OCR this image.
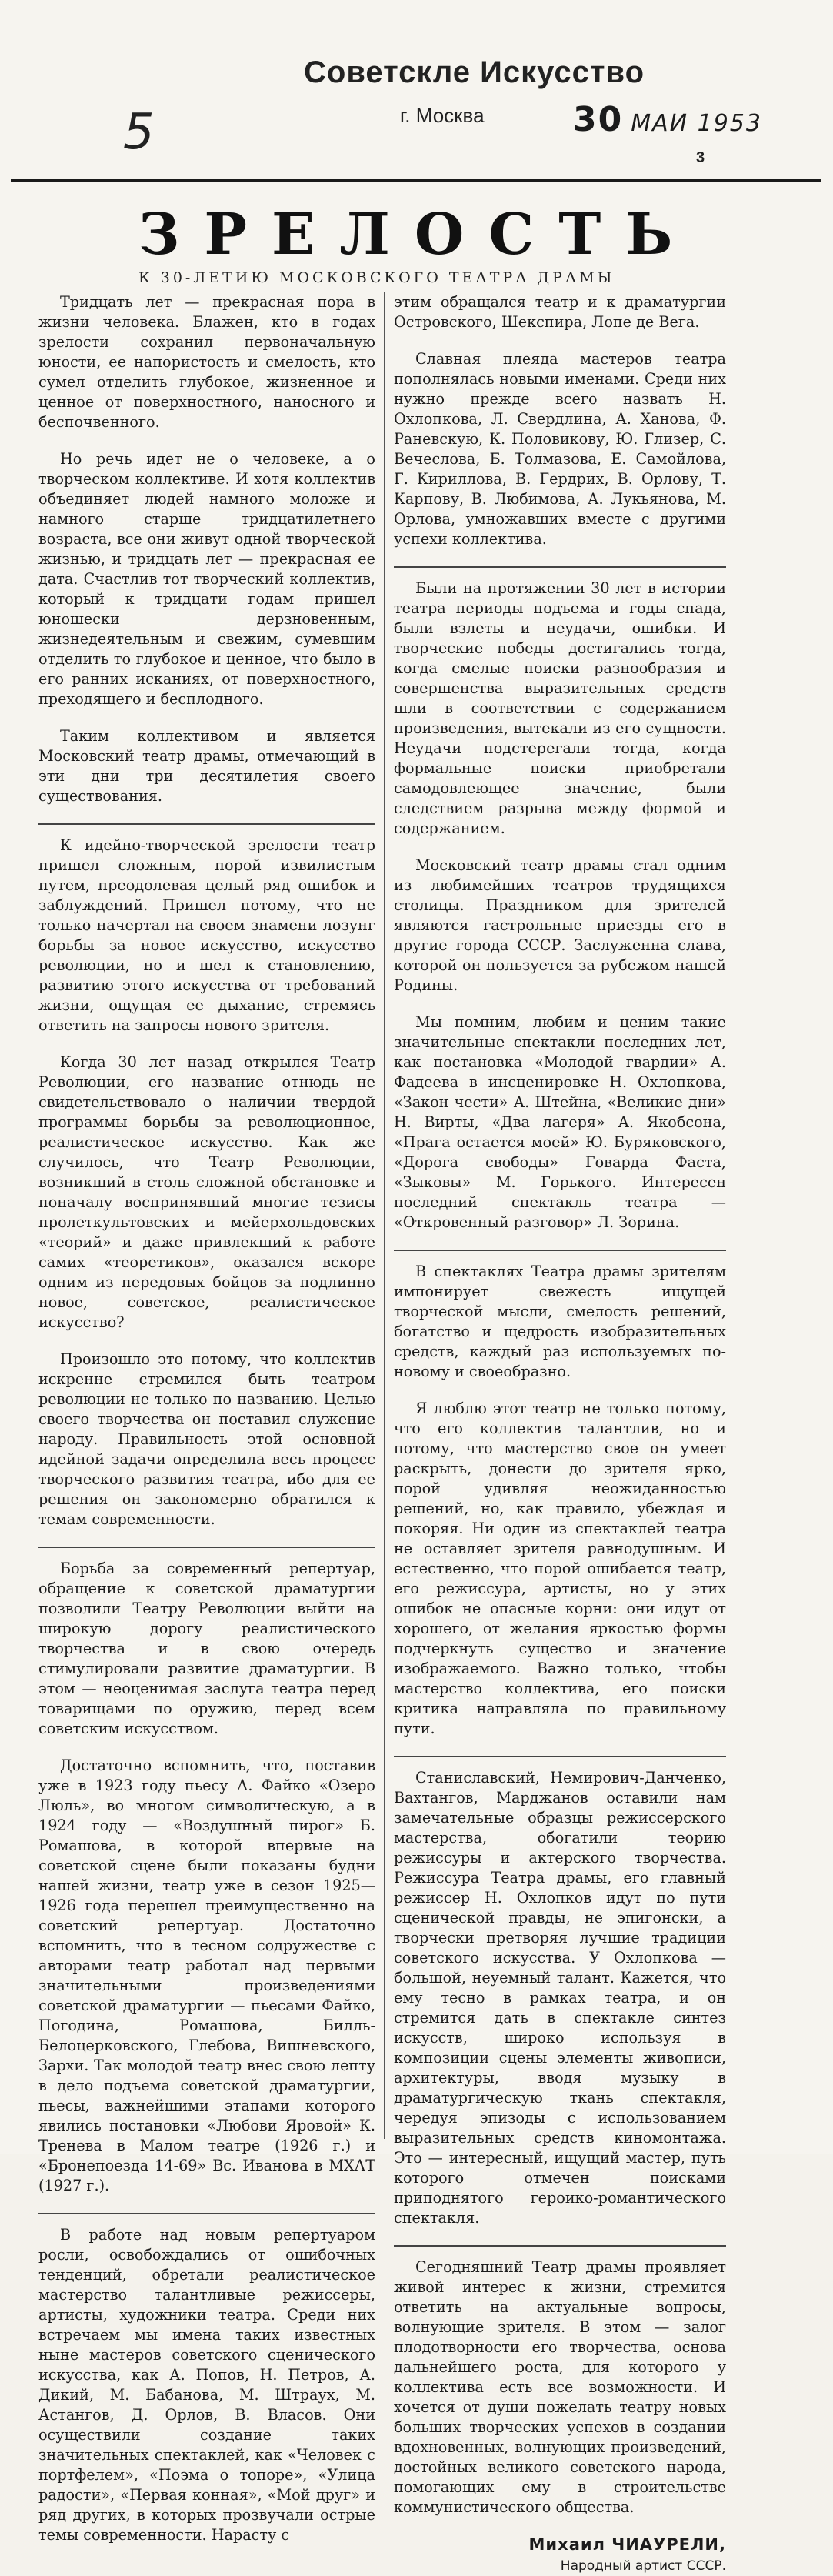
Советскле Искусство
г. Москва
5	30 МАИ 1953
3
ЗРЕЛОСТЬ
К 30-ЛЕТИЮ МОСКОВСКОГО ТЕАТРА ДРАМЫ

Тридцать лет — прекрасная пора в жизни человека. Блажен, кто в годах зрелости сохранил первоначальную юности, ее напористость и смелость, кто сумел отделить глубокое, жизненное и ценное от поверхностного, наносного и беспочвенного.

Но речь идет не о человеке, а о творческом коллективе. И хотя коллектив объединяет людей намного моложе и намного старше тридцатилетнего возраста, все они живут одной творческой жизнью, и тридцать лет — прекрасная ее дата. Счастлив тот творческий коллектив, который к тридцати годам пришел юношески дерзновенным, жизнедеятельным и свежим, сумевшим отделить то глубокое и ценное, что было в его ранних исканиях, от поверхностного, преходящего и бесплодного.

Таким коллективом и является Московский театр драмы, отмечающий в эти дни три десятилетия своего существования.

К идейно-творческой зрелости театр пришел сложным, порой извилистым путем, преодолевая целый ряд ошибок и заблуждений. Пришел потому, что не только начертал на своем знамени лозунг борьбы за новое искусство, искусство революции, но и шел к становлению, развитию этого искусства от требований жизни, ощущая ее дыхание, стремясь ответить на запросы нового зрителя.

Когда 30 лет назад открылся Театр Революции, его название отнюдь не свидетельствовало о наличии твердой программы борьбы за революционное, реалистическое искусство. Как же случилось, что Театр Революции, возникший в столь сложной обстановке и поначалу воспринявший многие тезисы пролеткультовских и мейерхольдовских «теорий» и даже привлекший к работе самих «теоретиков», оказался вскоре одним из передовых бойцов за подлинно новое, советское, реалистическое искусство?

Произошло это потому, что коллектив искренне стремился быть театром революции не только по названию. Целью своего творчества он поставил служение народу. Правильность этой основной идейной задачи определила весь процесс творческого развития театра, ибо для ее решения он закономерно обратился к темам современности.

Борьба за современный репертуар, обращение к советской драматургии позволили Театру Революции выйти на широкую дорогу реалистического творчества и в свою очередь стимулировали развитие драматургии. В этом — неоценимая заслуга театра перед товарищами по оружию, перед всем советским искусством.

Достаточно вспомнить, что, поставив уже в 1923 году пьесу А. Файко «Озеро Люль», во многом символическую, а в 1924 году — «Воздушный пирог» Б. Ромашова, в которой впервые на советской сцене были показаны будни нашей жизни, театр уже в сезон 1925—1926 года перешел преимущественно на советский репертуар. Достаточно вспомнить, что в тесном содружестве с авторами театр работал над первыми значительными произведениями советской драматургии — пьесами Файко, Погодина, Ромашова, Билль-Белоцерковского, Глебова, Вишневского, Зархи. Так молодой театр внес свою лепту в дело подъема советской драматургии, пьесы, важнейшими этапами которого явились постановки «Любови Яровой» К. Тренева в Малом театре (1926 г.) и «Бронепоезда 14-69» Вс. Иванова в МХАТ (1927 г.).

В работе над новым репертуаром росли, освобождались от ошибочных тенденций, обретали реалистическое мастерство талантливые режиссеры, артисты, художники театра. Среди них встречаем мы имена таких известных ныне мастеров советского сценического искусства, как А. Попов, Н. Петров, А. Дикий, М. Бабанова, М. Штраух, М. Астангов, Д. Орлов, В. Власов. Они осуществили создание таких значительных спектаклей, как «Человек с портфелем», «Поэма о топоре», «Улица радости», «Первая конная», «Мой друг» и ряд других, в которых прозвучали острые темы современности. Нарасту с

этим обращался театр и к драматургии Островского, Шекспира, Лопе де Вега.

Славная плеяда мастеров театра пополнялась новыми именами. Среди них нужно прежде всего назвать Н. Охлопкова, Л. Свердлина, А. Ханова, Ф. Раневскую, К. Половикову, Ю. Глизер, С. Вечеслова, Б. Толмазова, Е. Самойлова, Г. Кириллова, В. Гердрих, В. Орлову, Т. Карпову, В. Любимова, А. Лукьянова, М. Орлова, умножавших вместе с другими успехи коллектива.

Были на протяжении 30 лет в истории театра периоды подъема и годы спада, были взлеты и неудачи, ошибки. И творческие победы достигались тогда, когда смелые поиски разнообразия и совершенства выразительных средств шли в соответствии с содержанием произведения, вытекали из его сущности. Неудачи подстерегали тогда, когда формальные поиски приобретали самодовлеющее значение, были следствием разрыва между формой и содержанием.

Московский театр драмы стал одним из любимейших театров трудящихся столицы. Праздником для зрителей являются гастрольные приезды его в другие города СССР. Заслуженна слава, которой он пользуется за рубежом нашей Родины.

Мы помним, любим и ценим такие значительные спектакли последних лет, как постановка «Молодой гвардии» А. Фадеева в инсценировке Н. Охлопкова, «Закон чести» А. Штейна, «Великие дни» Н. Вирты, «Два лагеря» А. Якобсона, «Прага остается моей» Ю. Буряковского, «Дорога свободы» Говарда Фаста, «Зыковы» М. Горького. Интересен последний спектакль театра — «Откровенный разговор» Л. Зорина.

В спектаклях Театра драмы зрителям импонирует свежесть ищущей творческой мысли, смелость решений, богатство и щедрость изобразительных средств, каждый раз используемых по-новому и своеобразно.

Я люблю этот театр не только потому, что его коллектив талантлив, но и потому, что мастерство свое он умеет раскрыть, донести до зрителя ярко, порой удивляя неожиданностью решений, но, как правило, убеждая и покоряя. Ни один из спектаклей театра не оставляет зрителя равнодушным. И естественно, что порой ошибается театр, его режиссура, артисты, но у этих ошибок не опасные корни: они идут от хорошего, от желания яркостью формы подчеркнуть существо и значение изображаемого. Важно только, чтобы мастерство коллектива, его поиски критика направляла по правильному пути.

Станиславский, Немирович-Данченко, Вахтангов, Марджанов оставили нам замечательные образцы режиссерского мастерства, обогатили теорию режиссуры и актерского творчества. Режиссура Театра драмы, его главный режиссер Н. Охлопков идут по пути сценической правды, не эпигонски, а творчески претворяя лучшие традиции советского искусства. У Охлопкова — большой, неуемный талант. Кажется, что ему тесно в рамках театра, и он стремится дать в спектакле синтез искусств, широко используя в композиции сцены элементы живописи, архитектуры, вводя музыку в драматургическую ткань спектакля, чередуя эпизоды с использованием выразительных средств киномонтажа. Это — интересный, ищущий мастер, путь которого отмечен поисками приподнятого героико-романтического спектакля.

Сегодняшний Театр драмы проявляет живой интерес к жизни, стремится ответить на актуальные вопросы, волнующие зрителя. В этом — залог плодотворности его творчества, основа дальнейшего роста, для которого у коллектива есть все возможности. И хочется от души пожелать театру новых больших творческих успехов в создании вдохновенных, волнующих произведений, достойных великого советского народа, помогающих ему в строительстве коммунистического общества.

Михаил ЧИАУРЕЛИ,
Народный артист СССР.
